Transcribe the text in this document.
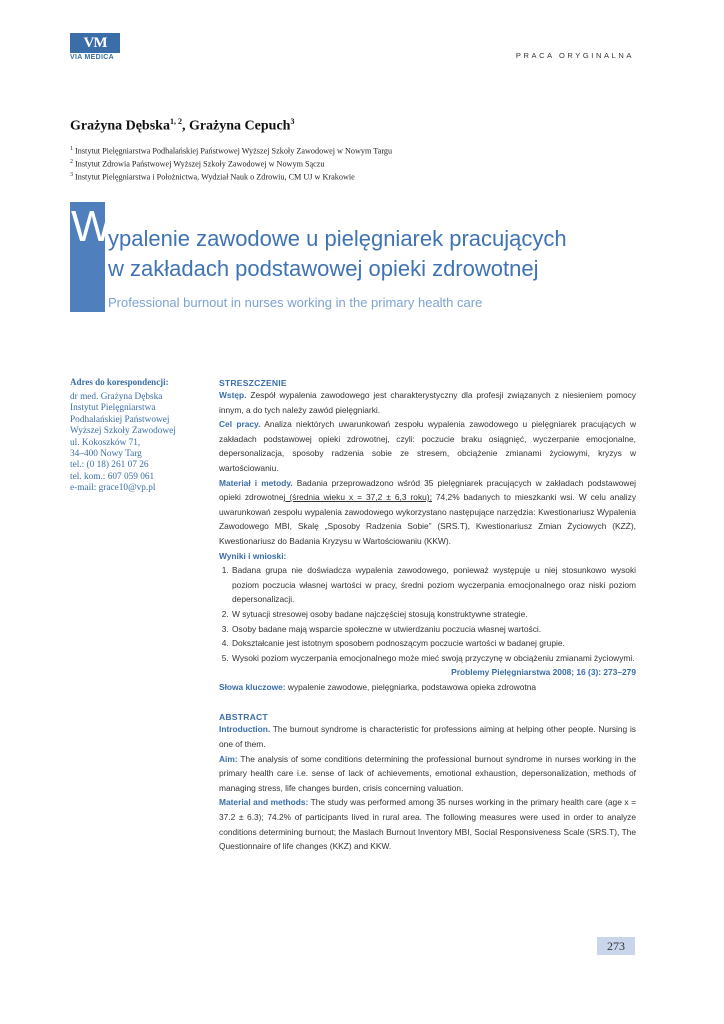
VM
VIA MEDICA	PRACA ORYGINALNA
Grażyna Dębska$^{1, 2}$, Grażyna Cepuch$^3$
$^1$ Instytut Pielęgniarstwa Podhalańskiej Państwowej Wyższej Szkoły Zawodowej w Nowym Targu
$^2$ Instytut Zdrowia Państwowej Wyższej Szkoły Zawodowej w Nowym Sączu
$^3$ Instytut Pielęgniarstwa i Położnictwa, Wydział Nauk o Zdrowiu, CM UJ w Krakowie
W
ypalenie zawodowe u pielęgniarek pracujących
w zakładach podstawowej opieki zdrowotnej
Professional burnout in nurses working in the primary health care
Adres do korespondencji:
dr med. Grażyna Dębska
Instytut Pielęgniarstwa
Podhalańskiej Państwowej
Wyższej Szkoły Zawodowej
ul. Kokoszków 71,
34–400 Nowy Targ
tel.: (0 18) 261 07 26
tel. kom.: 607 059 061
e-mail: grace10@vp.pl
STRESZCZENIE

Wstęp. Zespół wypalenia zawodowego jest charakterystyczny dla profesji związanych z niesieniem pomocy innym, a do tych należy zawód pielęgniarki.

Cel pracy. Analiza niektórych uwarunkowań zespołu wypalenia zawodowego u pielęgniarek pracujących w zakładach podstawowej opieki zdrowotnej, czyli: poczucie braku osiągnięć, wyczerpanie emocjonalne, depersonalizacja, sposoby radzenia sobie ze stresem, obciążenie zmianami życiowymi, kryzys w wartościowaniu.

Materiał i metody. Badania przeprowadzono wśród 35 pielęgniarek pracujących w zakładach podstawowej opieki zdrowotnej (średnia wieku x = 37,2 ± 6,3 roku); 74,2% badanych to mieszkanki wsi. W celu analizy uwarunkowań zespołu wypalenia zawodowego wykorzystano następujące narzędzia: Kwestionariusz Wypalenia Zawodowego MBI, Skalę „Sposoby Radzenia Sobie” (SRS.T), Kwestionariusz Zmian Życiowych (KZŻ), Kwestionariusz do Badania Kryzysu w Wartościowaniu (KKW).

Wyniki i wnioski:
1. Badana grupa nie doświadcza wypalenia zawodowego, ponieważ występuje u niej stosunkowo wysoki poziom poczucia własnej wartości w pracy, średni poziom wyczerpania emocjonalnego oraz niski poziom depersonalizacji.
2. W sytuacji stresowej osoby badane najczęściej stosują konstruktywne strategie.
3. Osoby badane mają wsparcie społeczne w utwierdzaniu poczucia własnej wartości.
4. Dokształcanie jest istotnym sposobem podnoszącym poczucie wartości w badanej grupie.
5. Wysoki poziom wyczerpania emocjonalnego może mieć swoją przyczynę w obciążeniu zmianami życiowymi.
Problemy Pielęgniarstwa 2008; 16 (3): 273–279

Słowa kluczowe: wypalenie zawodowe, pielęgniarka, podstawowa opieka zdrowotna

ABSTRACT

Introduction. The burnout syndrome is characteristic for professions aiming at helping other people. Nursing is one of them.

Aim: The analysis of some conditions determining the professional burnout syndrome in nurses working in the primary health care i.e. sense of lack of achievements, emotional exhaustion, depersonalization, methods of managing stress, life changes burden, crisis concerning valuation.

Material and methods: The study was performed among 35 nurses working in the primary health care (age x = 37.2 ± 6.3); 74.2% of participants lived in rural area. The following measures were used in order to analyze conditions determining burnout; the Maslach Burnout Inventory MBI, Social Responsiveness Scale (SRS.T), The Questionnaire of life changes (KKZ) and KKW.

273
